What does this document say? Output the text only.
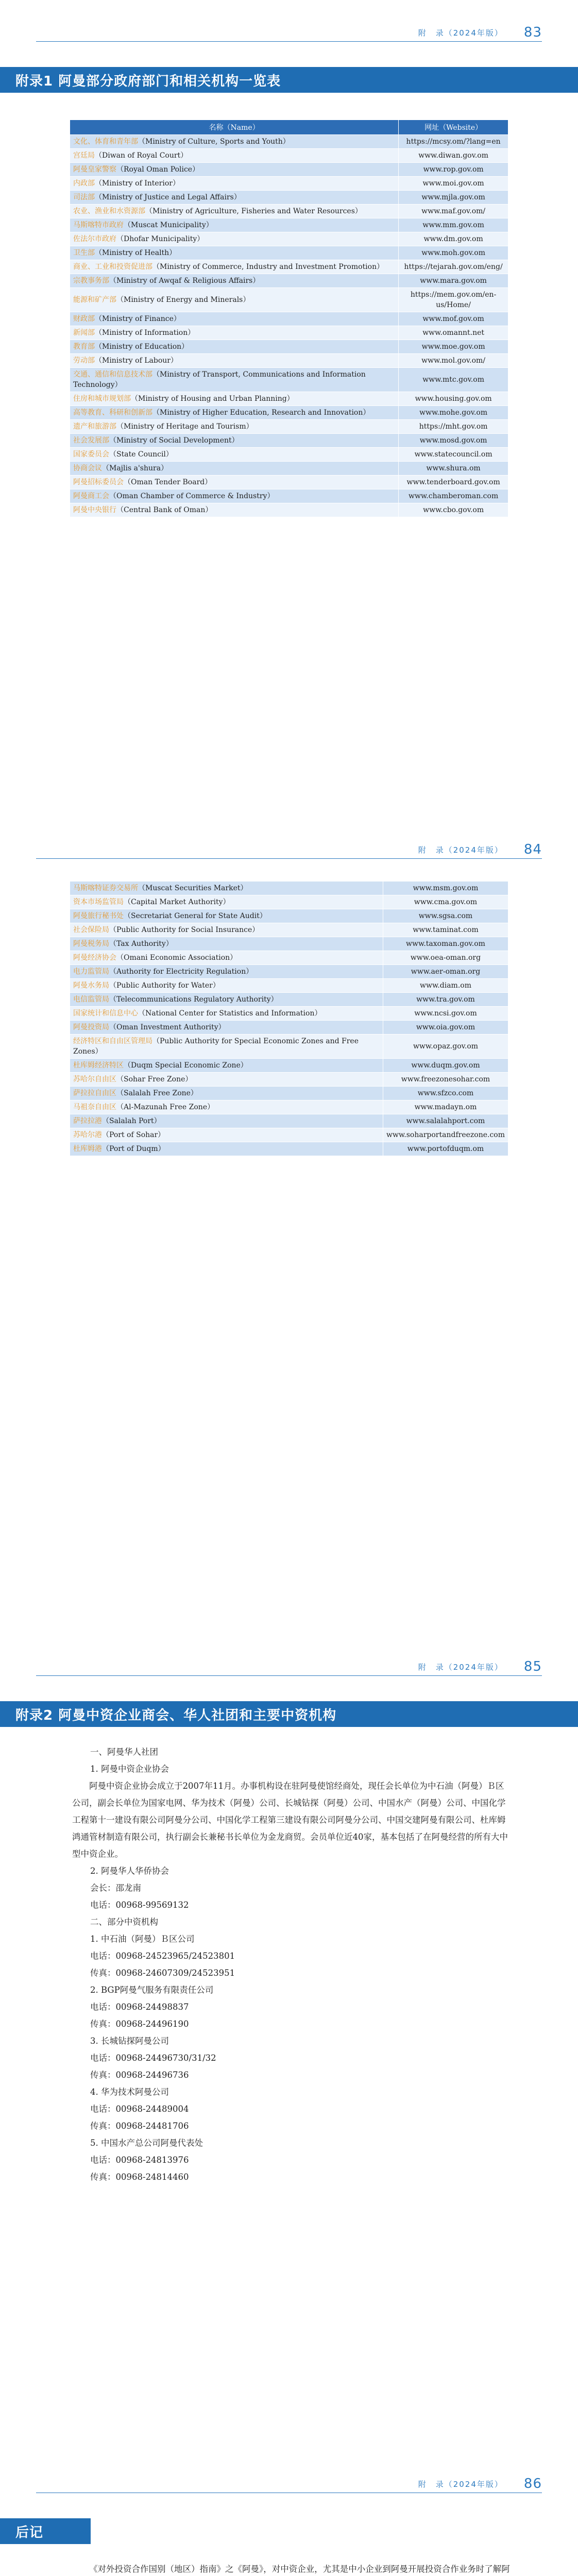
附　录（2024年版） 83
附录1 阿曼部分政府部门和相关机构一览表
名称（Name）	网址（Website）
文化、体育和青年部（Ministry of Culture, Sports and Youth）	https://mcsy.om/?lang=en
宫廷局（Diwan of Royal Court）	www.diwan.gov.om
阿曼皇家警察（Royal Oman Police）	www.rop.gov.om
内政部（Ministry of Interior）	www.moi.gov.om
司法部（Ministry of Justice and Legal Affairs）	www.mjla.gov.om
农业、渔业和水资源部（Ministry of Agriculture, Fisheries and Water Resources）	www.maf.gov.om/
马斯喀特市政府（Muscat Municipality）	www.mm.gov.om
佐法尔市政府（Dhofar Municipality）	www.dm.gov.om
卫生部（Ministry of Health）	www.moh.gov.om
商业、工业和投资促进部（Ministry of Commerce, Industry and Investment Promotion）	https://tejarah.gov.om/eng/
宗教事务部（Ministry of Awqaf & Religious Affairs）	www.mara.gov.om
能源和矿产部（Ministry of Energy and Minerals）	https://mem.gov.om/en-us/Home/
财政部（Ministry of Finance）	www.mof.gov.om
新闻部（Ministry of Information）	www.omannt.net
教育部（Ministry of Education）	www.moe.gov.om
劳动部（Ministry of Labour）	www.mol.gov.om/
交通、通信和信息技术部（Ministry of Transport, Communications and Information Technology）	www.mtc.gov.om
住房和城市规划部（Ministry of Housing and Urban Planning）	www.housing.gov.om
高等教育、科研和创新部（Ministry of Higher Education, Research and Innovation）	www.mohe.gov.om
遗产和旅游部（Ministry of Heritage and Tourism）	https://mht.gov.om
社会发展部（Ministry of Social Development）	www.mosd.gov.om
国家委员会（State Council）	www.statecouncil.om
协商会议（Majlis a'shura）	www.shura.om
阿曼招标委员会（Oman Tender Board）	www.tenderboard.gov.om
阿曼商工会（Oman Chamber of Commerce & Industry）	www.chamberoman.com
阿曼中央银行（Central Bank of Oman）	www.cbo.gov.om
附　录（2024年版） 84
马斯喀特证券交易所（Muscat Securities Market）	www.msm.gov.om
资本市场监管局（Capital Market Authority）	www.cma.gov.om
阿曼旅行秘书处（Secretariat General for State Audit）	www.sgsa.com
社会保险局（Public Authority for Social Insurance）	www.taminat.com
阿曼税务局（Tax Authority）	www.taxoman.gov.om
阿曼经济协会（Omani Economic Association）	www.oea-oman.org
电力监管局（Authority for Electricity Regulation）	www.aer-oman.org
阿曼水务局（Public Authority for Water）	www.diam.om
电信监管局（Telecommunications Regulatory Authority）	www.tra.gov.om
国家统计和信息中心（National Center for Statistics and Information）	www.ncsi.gov.om
阿曼投资局（Oman Investment Authority）	www.oia.gov.om
经济特区和自由区管理局（Public Authority for Special Economic Zones and Free Zones）	www.opaz.gov.om
杜库姆经济特区（Duqm Special Economic Zone）	www.duqm.gov.om
苏哈尔自由区（Sohar Free Zone）	www.freezonesohar.com
萨拉拉自由区（Salalah Free Zone）	www.sfzco.com
马祖奈自由区（Al-Mazunah Free Zone）	www.madayn.om
萨拉拉港（Salalah Port）	www.salalahport.com
苏哈尔港（Port of Sohar）	www.soharportandfreezone.com
杜库姆港（Port of Duqm）	www.portofduqm.om
附　录（2024年版） 85
附录2 阿曼中资企业商会、华人社团和主要中资机构

一、阿曼华人社团

1. 阿曼中资企业协会

阿曼中资企业协会成立于2007年11月。办事机构设在驻阿曼使馆经商处，现任会长单位为中石油（阿曼）Ｂ区公司，副会长单位为国家电网、华为技术（阿曼）公司、长城钻探（阿曼）公司、中国水产（阿曼）公司、中国化学工程第十一建设有限公司阿曼分公司、中国化学工程第三建设有限公司阿曼分公司、中国交建阿曼有限公司、杜库姆鸿通管材制造有限公司，执行副会长兼秘书长单位为金龙商贸。会员单位近40家，基本包括了在阿曼经营的所有大中型中资企业。

2. 阿曼华人华侨协会

会长：邵龙南

电话：00968-99569132

二、部分中资机构

1. 中石油（阿曼）Ｂ区公司

电话：00968-24523965/24523801

传真：00968-24607309/24523951

2. BGP阿曼气服务有限责任公司

电话：00968-24498837

传真：00968-24496190

3. 长城钻探阿曼公司

电话：00968-24496730/31/32

传真：00968-24496736

4. 华为技术阿曼公司

电话：00968-24489004

传真：00968-24481706

5. 中国水产总公司阿曼代表处

电话：00968-24813976

传真：00968-24814460

附　录（2024年版） 86
后记

《对外投资合作国别（地区）指南》之《阿曼》，对中资企业，尤其是中小企业到阿曼开展投资合作业务时了解阿
